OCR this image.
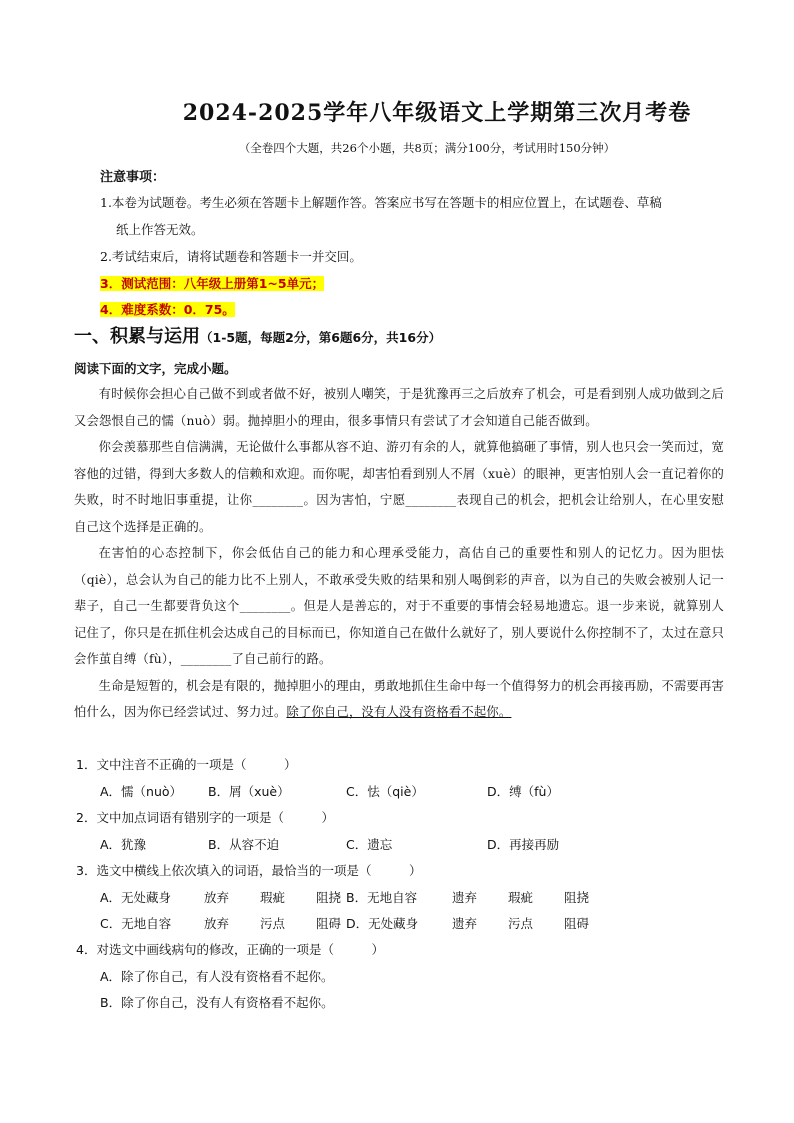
2024-2025学年八年级语文上学期第三次月考卷
（全卷四个大题，共26个小题，共8页；满分100分，考试用时150分钟）
注意事项：
1.本卷为试题卷。考生必须在答题卡上解题作答。答案应书写在答题卡的相应位置上，在试题卷、草稿
纸上作答无效。
2.考试结束后，请将试题卷和答题卡一并交回。
3．测试范围：八年级上册第1~5单元；
4．难度系数：0．75。
一、积累与运用（1-5题，每题2分，第6题6分，共16分）
阅读下面的文字，完成小题。

有时候你会担心自己做不到或者做不好，被别人嘲笑，于是犹豫再三之后放弃了机会，可是看到别人成功做到之后又会怨恨自己的懦（nuò）弱。抛掉胆小的理由，很多事情只有尝试了才会知道自己能否做到。

你会羡慕那些自信满满，无论做什么事都从容不迫、游刃有余的人，就算他搞砸了事情，别人也只会一笑而过，宽容他的过错，得到大多数人的信赖和欢迎。而你呢，却害怕看到别人不屑（xuè）的眼神，更害怕别人会一直记着你的失败，时不时地旧事重提，让你________。因为害怕，宁愿________表现自己的机会，把机会让给别人，在心里安慰自己这个选择是正确的。

在害怕的心态控制下，你会低估自己的能力和心理承受能力，高估自己的重要性和别人的记忆力。因为胆怯（qiè），总会认为自己的能力比不上别人，不敢承受失败的结果和别人喝倒彩的声音，以为自己的失败会被别人记一辈子，自己一生都要背负这个________。但是人是善忘的，对于不重要的事情会轻易地遗忘。退一步来说，就算别人记住了，你只是在抓住机会达成自己的目标而已，你知道自己在做什么就好了，别人要说什么你控制不了，太过在意只会作茧自缚（fù），________了自己前行的路。

生命是短暂的，机会是有限的，抛掉胆小的理由，勇敢地抓住生命中每一个值得努力的机会再接再励，不需要再害怕什么，因为你已经尝试过、努力过。除了你自己，没有人没有资格看不起你。

1．文中注音不正确的一项是（　　　）
A．懦（nuò） B．屑（xuè）	C．怯（qiè）	D．缚（fù）
2．文中加点词语有错别字的一项是（　　　）
A．犹豫	B．从容不迫	C．遗忘	D．再接再励
3．选文中横线上依次填入的词语，最恰当的一项是（　　　）
A．无处藏身	放弃 瑕疵 阻挠 B．无地自容	遗弃 瑕疵 阻挠
C．无地自容	放弃 污点 阻碍 D．无处藏身	遗弃 污点 阻碍
4．对选文中画线病句的修改，正确的一项是（　　　）
A．除了你自己，有人没有资格看不起你。
B．除了你自己，没有人有资格看不起你。
